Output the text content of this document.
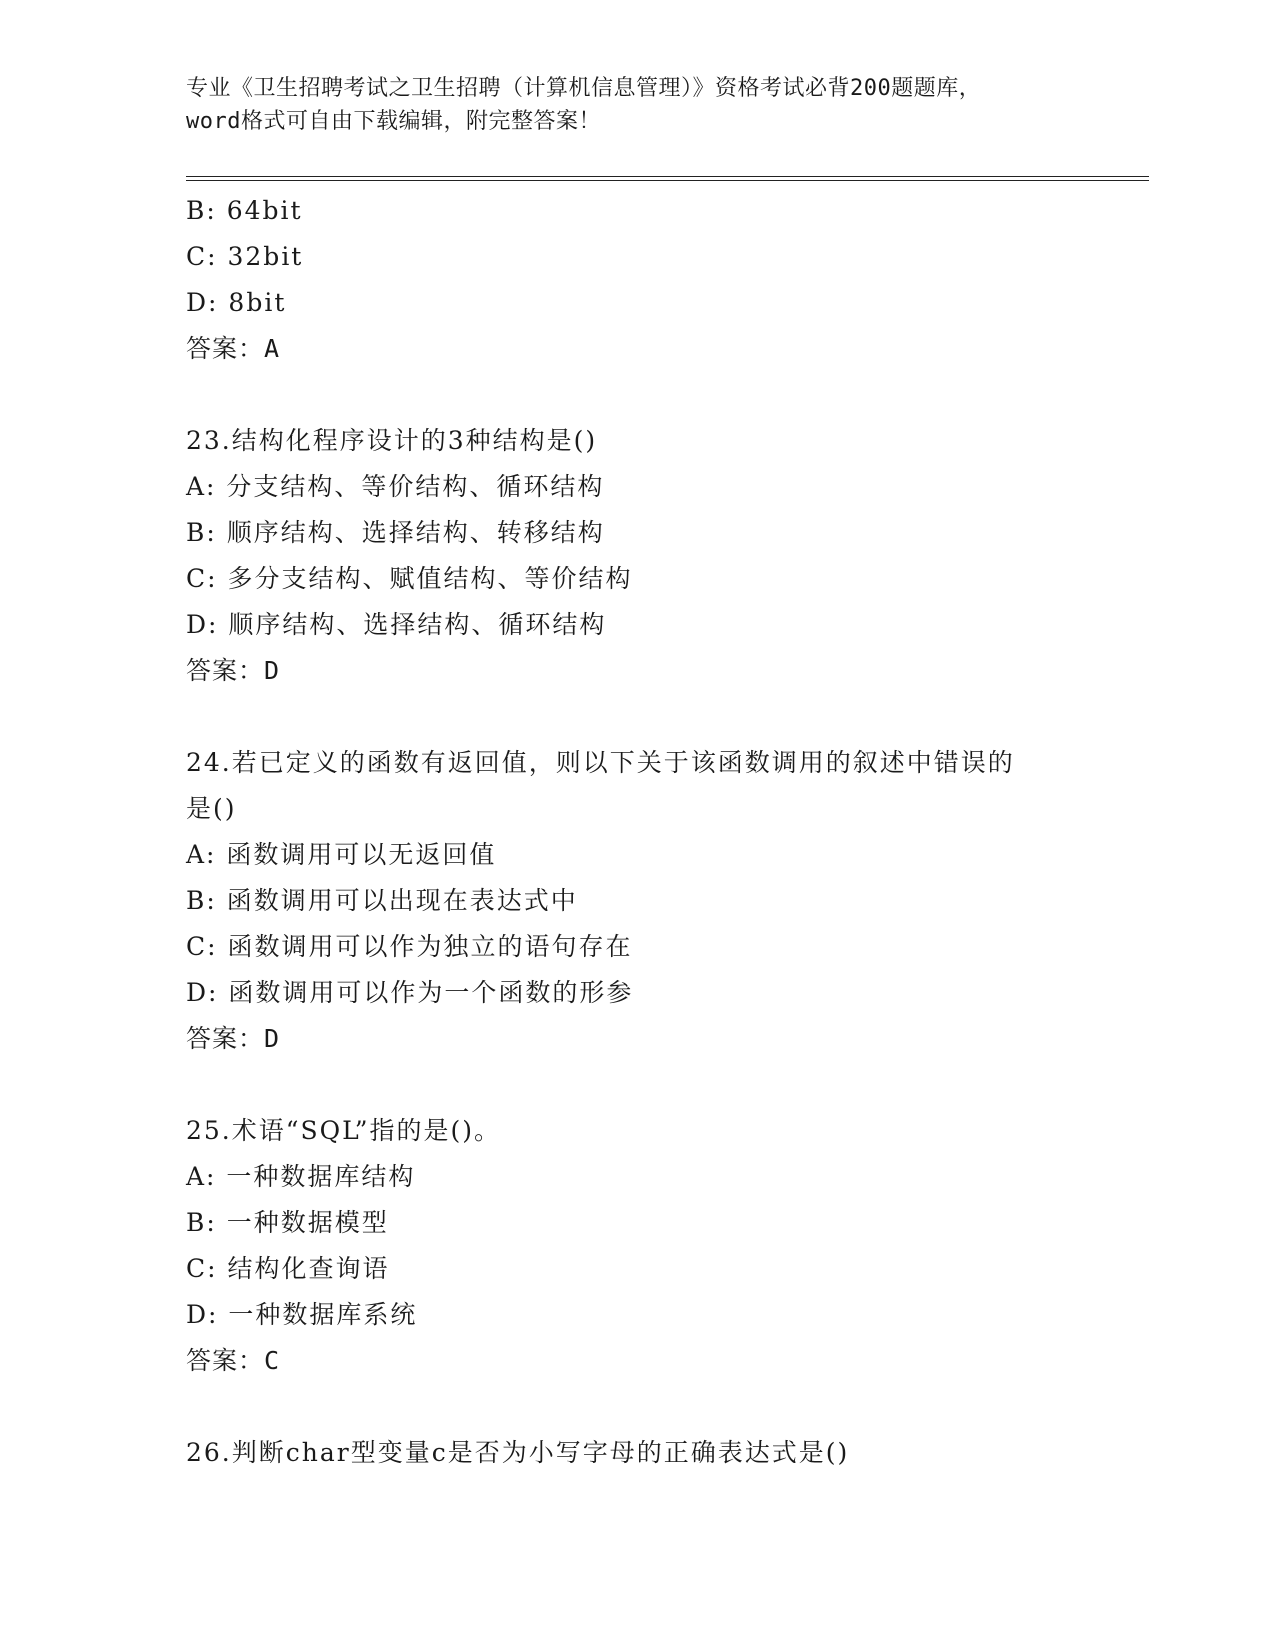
专业《卫生招聘考试之卫生招聘（计算机信息管理）》资格考试必背200题题库，
word格式可自由下载编辑，附完整答案！
B: 64bit
C: 32bit
D: 8bit
答案：A
23.结构化程序设计的3种结构是()
A: 分支结构、等价结构、循环结构
B: 顺序结构、选择结构、转移结构
C: 多分支结构、赋值结构、等价结构
D: 顺序结构、选择结构、循环结构
答案：D
24.若已定义的函数有返回值，则以下关于该函数调用的叙述中错误的
是()
A: 函数调用可以无返回值
B: 函数调用可以出现在表达式中
C: 函数调用可以作为独立的语句存在
D: 函数调用可以作为一个函数的形参
答案：D
25.术语“SQL”指的是()。
A: 一种数据库结构
B: 一种数据模型
C: 结构化查询语
D: 一种数据库系统
答案：C
26.判断char型变量c是否为小写字母的正确表达式是()
